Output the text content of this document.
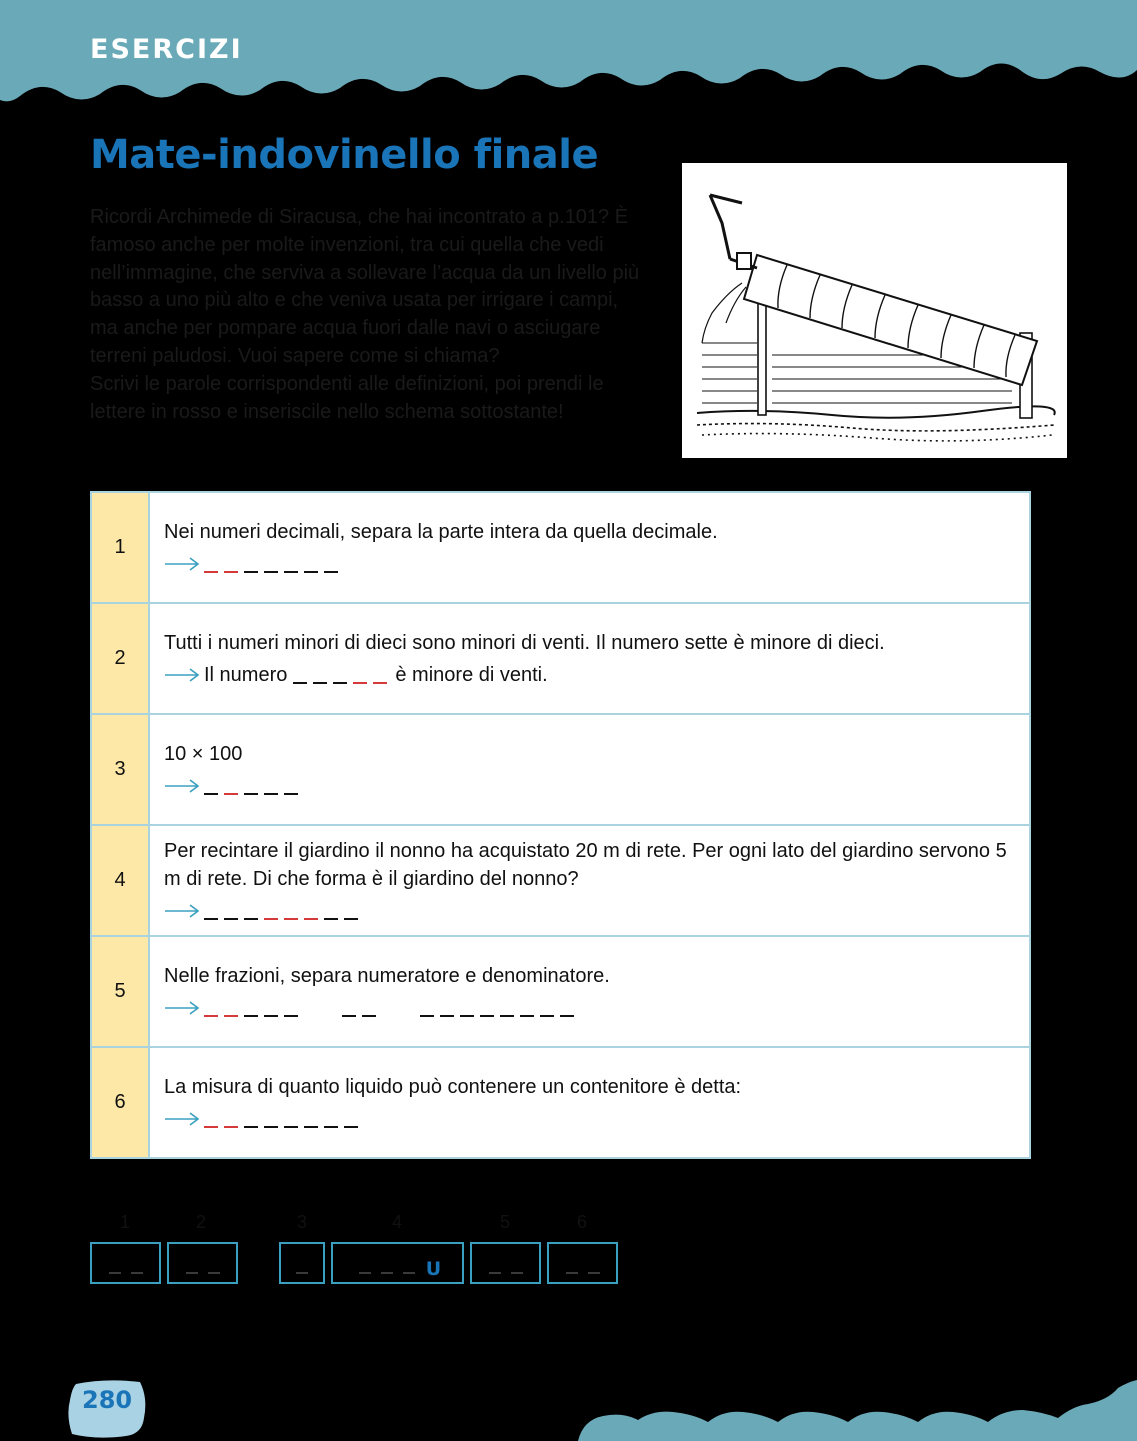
ESERCIZI
Mate-indovinello finale

Ricordi Archimede di Siracusa, che hai incontrato a p.101? È famoso anche per molte invenzioni, tra cui quella che vedi nell’immagine, che serviva a sollevare l’acqua da un livello più basso a uno più alto e che veniva usata per irrigare i campi, ma anche per pompare acqua fuori dalle navi o asciugare terreni paludosi. Vuoi sapere come si chiama?

Scrivi le parole corrispondenti alle definizioni, poi prendi le lettere in rosso e inseriscile nello schema sottostante!

1
Nei numeri decimali, separa la parte intera da quella decimale.
2
Tutti i numeri minori di dieci sono minori di venti. Il numero sette è minore di dieci.
Il numero	è minore di venti.
3
10 × 100
4
Per recintare il giardino il nonno ha acquistato 20 m di rete. Per ogni lato del giardino servono 5 m di rete. Di che forma è il giardino del nonno?
5
Nelle frazioni, separa numeratore e denominatore.
6
La misura di quanto liquido può contenere un contenitore è detta:
1	2	3	4	5	6
U
280
